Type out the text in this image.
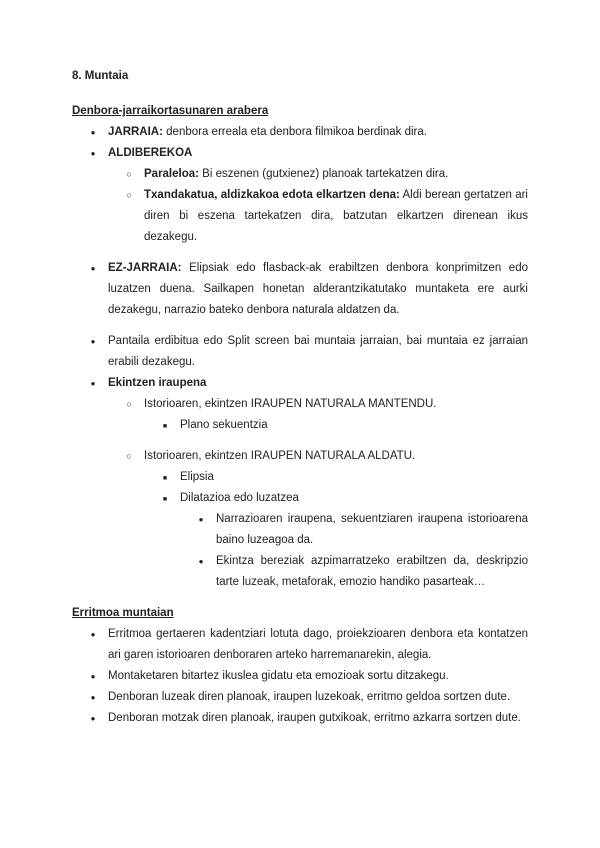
8. Muntaia
Denbora-jarraikortasunaren arabera
●
JARRAIA: denbora erreala eta denbora filmikoa berdinak dira.
●
ALDIBEREKOA
○
Paraleloa: Bi eszenen (gutxienez) planoak tartekatzen dira.
○
Txandakatua, aldizkakoa edota elkartzen dena: Aldi berean gertatzen ari diren bi eszena tartekatzen dira, batzutan elkartzen direnean ikus dezakegu.
●
EZ-JARRAIA: Elipsiak edo flasback-ak erabiltzen denbora konprimitzen edo luzatzen duena. Sailkapen honetan alderantzikatutako muntaketa ere aurki dezakegu, narrazio bateko denbora naturala aldatzen da.
●
Pantaila erdibitua edo Split screen bai muntaia jarraian, bai muntaia ez jarraian erabili dezakegu.
●
Ekintzen iraupena
○
Istorioaren, ekintzen IRAUPEN NATURALA MANTENDU.
■
Plano sekuentzia
○
Istorioaren, ekintzen IRAUPEN NATURALA ALDATU.
■
Elipsia
■
Dilatazioa edo luzatzea
●
Narrazioaren iraupena, sekuentziaren iraupena istorioarena baino luzeagoa da.
●
Ekintza bereziak azpimarratzeko erabiltzen da, deskripzio tarte luzeak, metaforak, emozio handiko pasarteak…
Erritmoa muntaian
●
Erritmoa gertaeren kadentziari lotuta dago, proiekzioaren denbora eta kontatzen ari garen istorioaren denboraren arteko harremanarekin, alegia.
●
Montaketaren bitartez ikuslea gidatu eta emozioak sortu ditzakegu.
●
Denboran luzeak diren planoak, iraupen luzekoak, erritmo geldoa sortzen dute.
●
Denboran motzak diren planoak, iraupen gutxikoak, erritmo azkarra sortzen dute.
